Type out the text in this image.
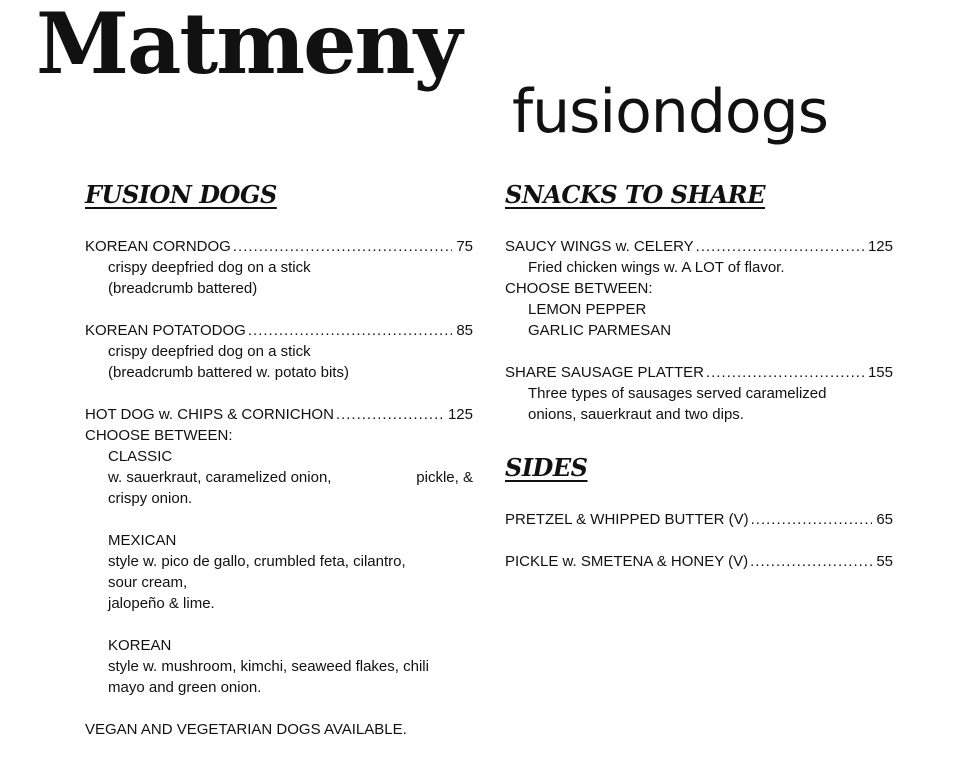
Matmeny
fusiondogs
FUSION DOGS
KOREAN CORNDOG .....	75
crispy deepfried dog on a stick
(breadcrumb battered)
KOREAN POTATODOG .....	85
crispy deepfried dog on a stick
(breadcrumb battered w. potato bits)
HOT DOG w. CHIPS & CORNICHON .....	125
CHOOSE BETWEEN:
CLASSIC
w. sauerkraut, caramelized onion,	pickle, &
crispy onion.
MEXICAN
style w. pico de gallo, crumbled feta, cilantro,
sour cream,
jalopeño & lime.
KOREAN
style w. mushroom, kimchi, seaweed flakes, chili
mayo and green onion.
VEGAN AND VEGETARIAN DOGS AVAILABLE.
SNACKS TO SHARE
SAUCY WINGS w. CELERY .....	125
Fried chicken wings w. A LOT of flavor.
CHOOSE BETWEEN:
LEMON PEPPER
GARLIC PARMESAN
SHARE SAUSAGE PLATTER .....	155
Three types of sausages served caramelized
onions, sauerkraut and two dips.
SIDES
PRETZEL & WHIPPED BUTTER (V) .....	65
PICKLE w. SMETENA & HONEY (V) .....	55
